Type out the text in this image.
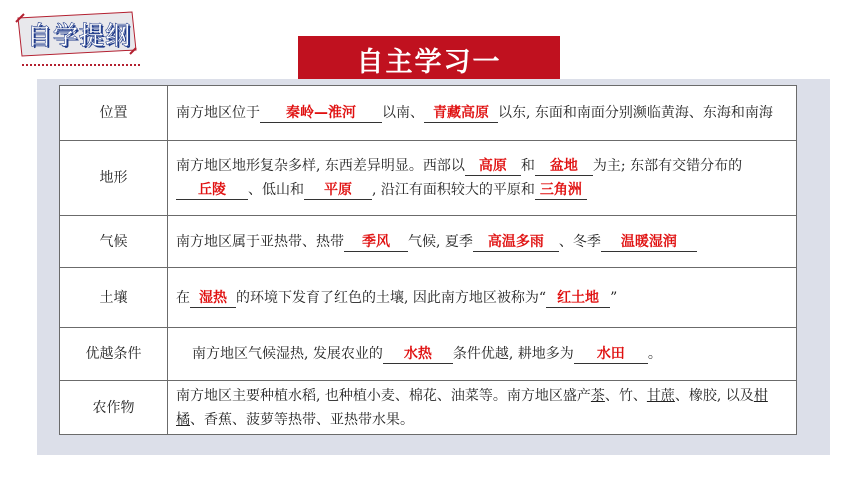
自学提纲
自主学习一
位置	南方地区位于 秦岭—淮河 以南、 青藏高原 以东, 东面和南面分别濒临黄海、东海和南海
地形	南方地区地形复杂多样, 东西差异明显。西部以 高原 和 盆地 为主; 东部有交错分布的丘陵 、低山和 平原 , 沿江有面积较大的平原和 三角洲
气候	南方地区属于亚热带、热带 季风 气候, 夏季 高温多雨 、冬季 温暖湿润
土壤	在 湿热 的环境下发育了红色的土壤, 因此南方地区被称为“ 红土地 ”
优越条件	南方地区气候湿热, 发展农业的 水热 条件优越, 耕地多为 水田 。
农作物	南方地区主要种植水稻, 也种植小麦、棉花、油菜等。南方地区盛产茶、竹、甘蔗、橡胶, 以及柑橘、香蕉、菠萝等热带、亚热带水果。
